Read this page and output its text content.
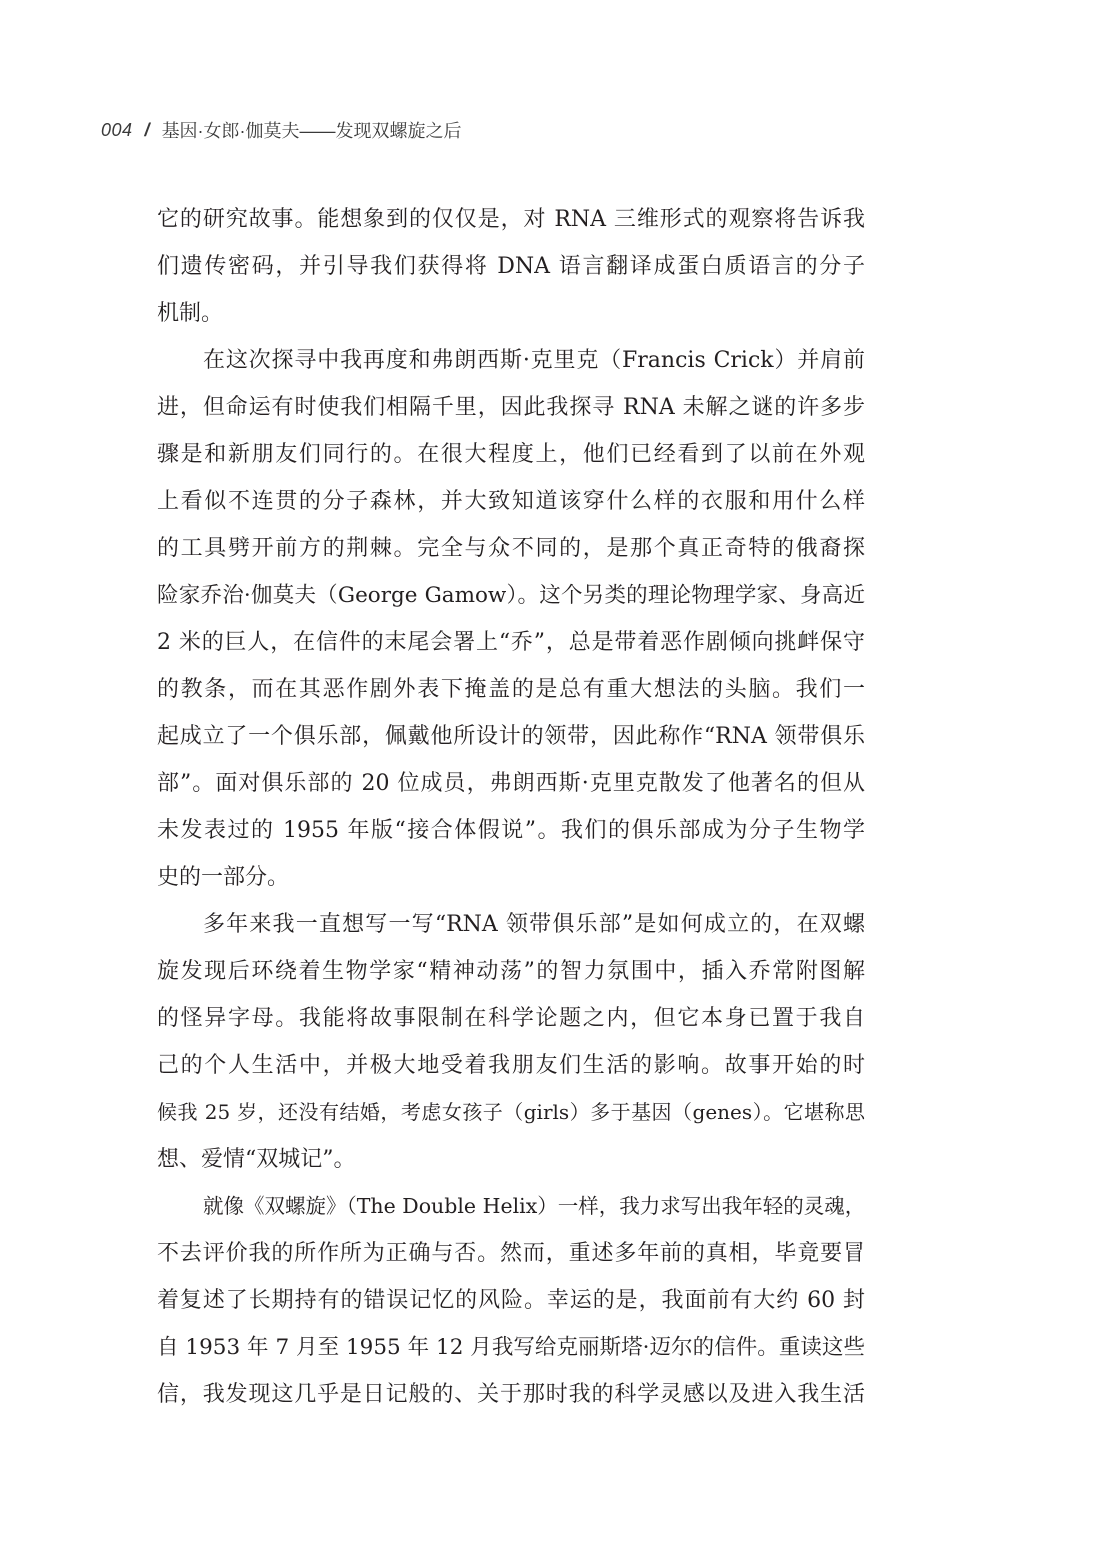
004 / 基因·女郎·伽莫夫——发现双螺旋之后
它的研究故事。能想象到的仅仅是，对 RNA 三维形式的观察将告诉我
们遗传密码，并引导我们获得将 DNA 语言翻译成蛋白质语言的分子
机制。
在这次探寻中我再度和弗朗西斯·克里克（Francis Crick）并肩前
进，但命运有时使我们相隔千里，因此我探寻 RNA 未解之谜的许多步
骤是和新朋友们同行的。在很大程度上，他们已经看到了以前在外观
上看似不连贯的分子森林，并大致知道该穿什么样的衣服和用什么样
的工具劈开前方的荆棘。完全与众不同的，是那个真正奇特的俄裔探
险家乔治·伽莫夫（George Gamow）。这个另类的理论物理学家、身高近
2 米的巨人，在信件的末尾会署上“乔”，总是带着恶作剧倾向挑衅保守
的教条，而在其恶作剧外表下掩盖的是总有重大想法的头脑。我们一
起成立了一个俱乐部，佩戴他所设计的领带，因此称作“RNA 领带俱乐
部”。面对俱乐部的 20 位成员，弗朗西斯·克里克散发了他著名的但从
未发表过的 1955 年版“接合体假说”。我们的俱乐部成为分子生物学
史的一部分。
多年来我一直想写一写“RNA 领带俱乐部”是如何成立的，在双螺
旋发现后环绕着生物学家“精神动荡”的智力氛围中，插入乔常附图解
的怪异字母。我能将故事限制在科学论题之内，但它本身已置于我自
己的个人生活中，并极大地受着我朋友们生活的影响。故事开始的时
候我 25 岁，还没有结婚，考虑女孩子（girls）多于基因（genes）。它堪称思
想、爱情“双城记”。
就像《双螺旋》（The Double Helix）一样，我力求写出我年轻的灵魂，
不去评价我的所作所为正确与否。然而，重述多年前的真相，毕竟要冒
着复述了长期持有的错误记忆的风险。幸运的是，我面前有大约 60 封
自 1953 年 7 月至 1955 年 12 月我写给克丽斯塔·迈尔的信件。重读这些
信，我发现这几乎是日记般的、关于那时我的科学灵感以及进入我生活
